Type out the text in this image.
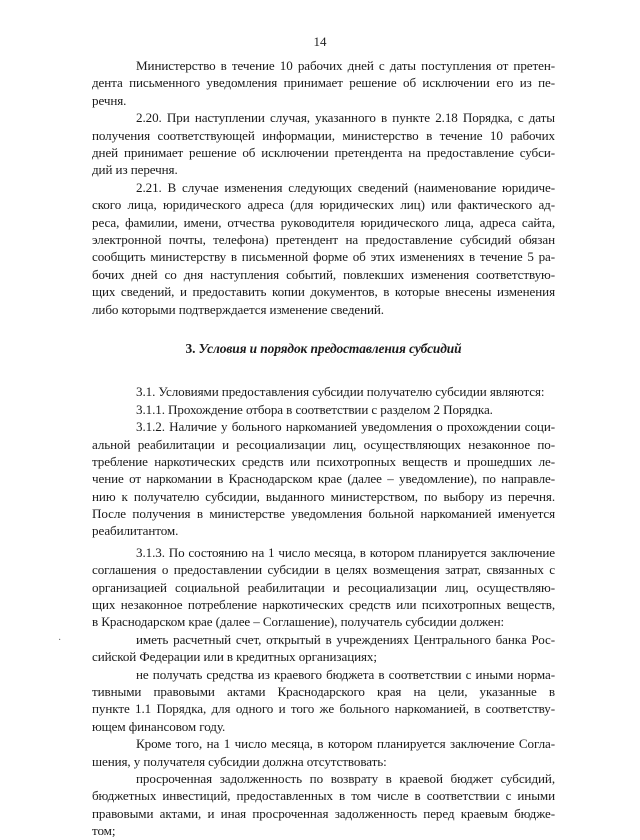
14
Министерство в течение 10 рабочих дней с даты поступления от претен-
дента письменного уведомления принимает решение об исключении его из пе-
речня.
2.20. При наступлении случая, указанного в пункте 2.18 Порядка, с даты
получения соответствующей информации, министерство в течение 10 рабочих
дней принимает решение об исключении претендента на предоставление субси-
дий из перечня.
2.21. В случае изменения следующих сведений (наименование юридиче-
ского лица, юридического адреса (для юридических лиц) или фактического ад-
реса, фамилии, имени, отчества руководителя юридического лица, адреса сайта,
электронной почты, телефона) претендент на предоставление субсидий обязан
сообщить министерству в письменной форме об этих изменениях в течение 5 ра-
бочих дней со дня наступления событий, повлекших изменения соответствую-
щих сведений, и предоставить копии документов, в которые внесены изменения
либо которыми подтверждается изменение сведений.
3. Условия и порядок предоставления субсидий
3.1. Условиями предоставления субсидии получателю субсидии являются:
3.1.1. Прохождение отбора в соответствии с разделом 2 Порядка.
3.1.2. Наличие у больного наркоманией уведомления о прохождении соци-
альной реабилитации и ресоциализации лиц, осуществляющих незаконное по-
требление наркотических средств или психотропных веществ и прошедших ле-
чение от наркомании в Краснодарском крае (далее – уведомление), по направле-
нию к получателю субсидии, выданного министерством, по выбору из перечня.
После получения в министерстве уведомления больной наркоманией именуется
реабилитантом.
3.1.3. По состоянию на 1 число месяца, в котором планируется заключение
соглашения о предоставлении субсидии в целях возмещения затрат, связанных с
организацией социальной реабилитации и ресоциализации лиц, осуществляю-
щих незаконное потребление наркотических средств или психотропных веществ,
в Краснодарском крае (далее – Соглашение), получатель субсидии должен:
иметь расчетный счет, открытый в учреждениях Центрального банка Рос-
сийской Федерации или в кредитных организациях;
не получать средства из краевого бюджета в соответствии с иными норма-
тивными правовыми актами Краснодарского края на цели, указанные в
пункте 1.1 Порядка, для одного и того же больного наркоманией, в соответству-
ющем финансовом году.
Кроме того, на 1 число месяца, в котором планируется заключение Согла-
шения, у получателя субсидии должна отсутствовать:
просроченная задолженность по возврату в краевой бюджет субсидий,
бюджетных инвестиций, предоставленных в том числе в соответствии с иными
правовыми актами, и иная просроченная задолженность перед краевым бюдже-
том;
·
